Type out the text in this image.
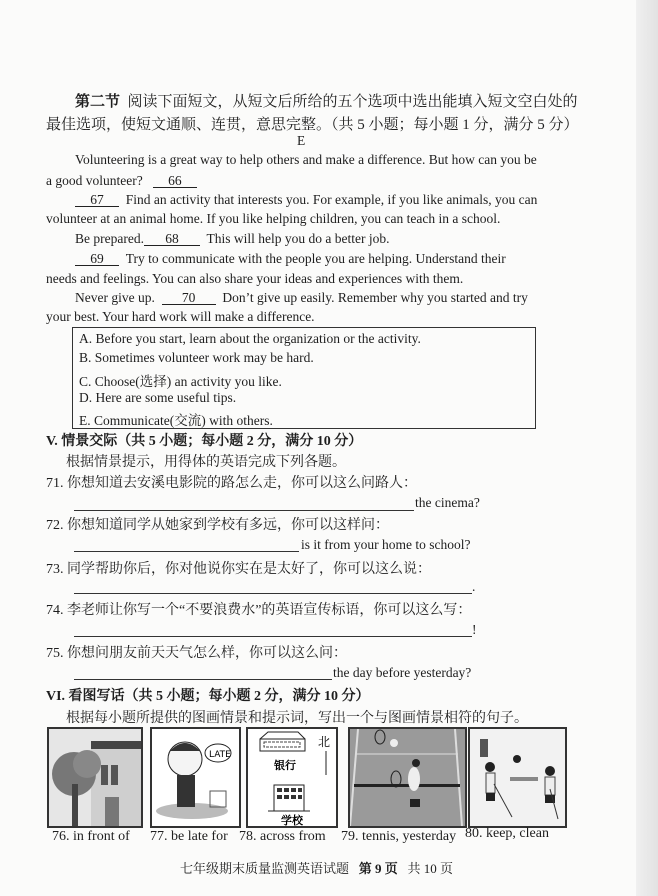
第二节 阅读下面短文，从短文后所给的五个选项中选出能填入短文空白处的
最佳选项，使短文通顺、连贯，意思完整。（共 5 小题；每小题 1 分，满分 5 分）
E
Volunteering is a great way to help others and make a difference. But how can you be
a good volunteer? 66
67 Find an activity that interests you. For example, if you like animals, you can
volunteer at an animal home. If you like helping children, you can teach in a school.
Be prepared. 68 This will help you do a better job.
69 Try to communicate with the people you are helping. Understand their
needs and feelings. You can also share your ideas and experiences with them.
Never give up. 70 Don’t give up easily. Remember why you started and try
your best. Your hard work will make a difference.
A. Before you start, learn about the organization or the activity.
B. Sometimes volunteer work may be hard.
C. Choose(选择) an activity you like.
D. Here are some useful tips.
E. Communicate(交流) with others.
V. 情景交际（共 5 小题；每小题 2 分，满分 10 分）
根据情景提示，用得体的英语完成下列各题。
71. 你想知道去安溪电影院的路怎么走，你可以这么问路人：
the cinema?
72. 你想知道同学从她家到学校有多远，你可以这样问：
is it from your home to school?
73. 同学帮助你后，你对他说你实在是太好了，你可以这么说：
.
74. 李老师让你写一个“不要浪费水”的英语宣传标语，你可以这么写：
!
75. 你想问朋友前天天气怎么样，你可以这么问：
the day before yesterday?
VI. 看图写话（共 5 小题；每小题 2 分，满分 10 分）
根据每小题所提供的图画情景和提示词，写出一个与图画情景相符的句子。
LATE
北
银行
学校
76. in front of 77. be late for 78. across from 79. tennis, yesterday 80. keep, clean
七年级期末质量监测英语试题 第 9 页 共 10 页
